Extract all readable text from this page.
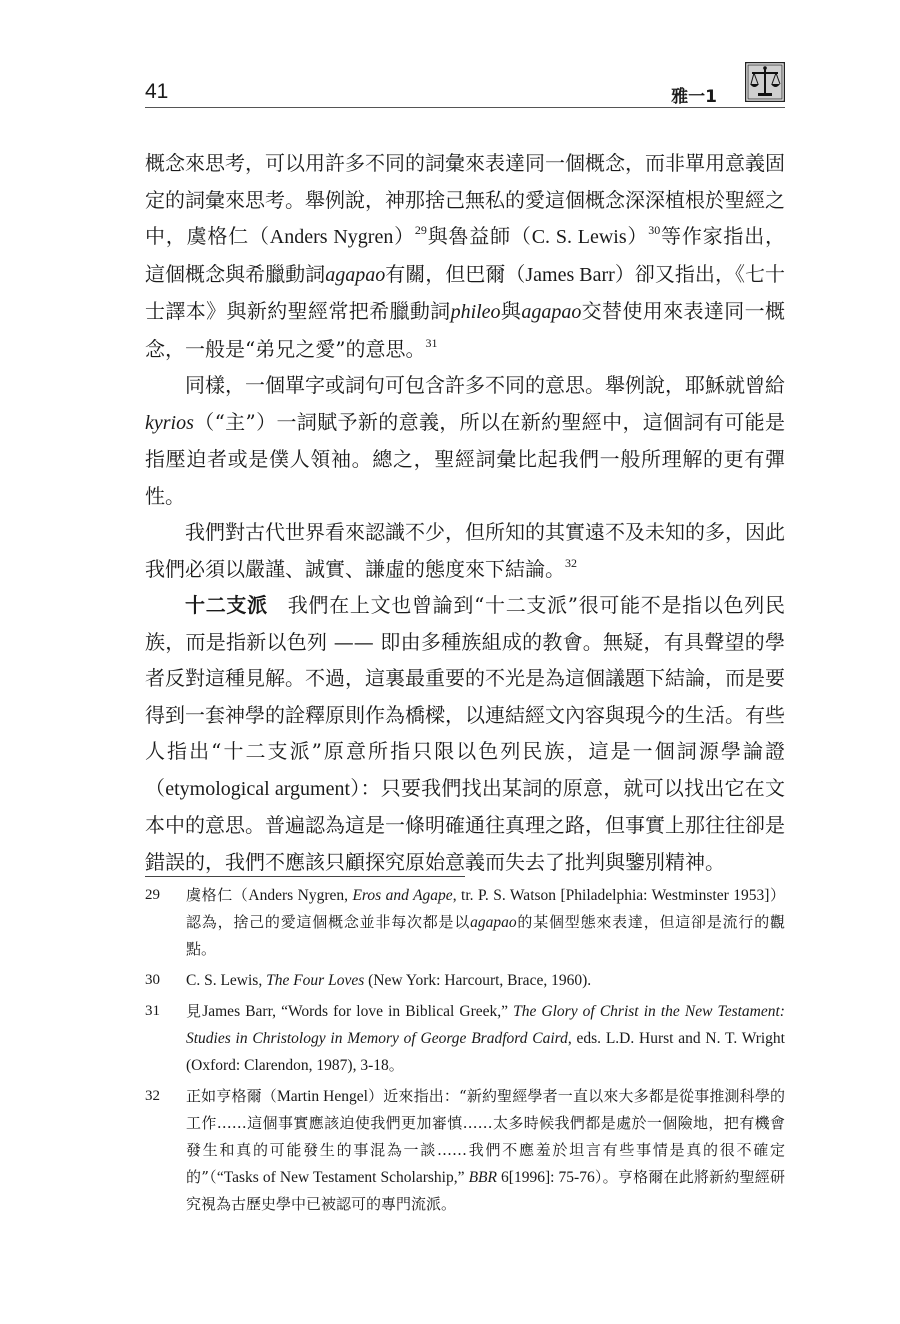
41	雅一1

概念來思考，可以用許多不同的詞彙來表達同一個概念，而非單用意義固定的詞彙來思考。舉例說，神那捨己無私的愛這個概念深深植根於聖經之中，虞格仁（Anders Nygren）$^{29}$與魯益師（C. S. Lewis）$^{30}$等作家指出，這個概念與希臘動詞agapao有關，但巴爾（James Barr）卻又指出，《七十士譯本》與新約聖經常把希臘動詞phileo與agapao交替使用來表達同一概念，一般是“弟兄之愛”的意思。$^{31}$

同樣，一個單字或詞句可包含許多不同的意思。舉例說，耶穌就曾給kyrios（“主”）一詞賦予新的意義，所以在新約聖經中，這個詞有可能是指壓迫者或是僕人領袖。總之，聖經詞彙比起我們一般所理解的更有彈性。

我們對古代世界看來認識不少，但所知的其實遠不及未知的多，因此我們必須以嚴謹、誠實、謙虛的態度來下結論。$^{32}$

十二支派 我們在上文也曾論到“十二支派”很可能不是指以色列民族，而是指新以色列 —— 即由多種族組成的教會。無疑，有具聲望的學者反對這種見解。不過，這裏最重要的不光是為這個議題下結論，而是要得到一套神學的詮釋原則作為橋樑，以連結經文內容與現今的生活。有些人指出“十二支派”原意所指只限以色列民族，這是一個詞源學論證（etymological argument）：只要我們找出某詞的原意，就可以找出它在文本中的意思。普遍認為這是一條明確通往真理之路，但事實上那往往卻是錯誤的，我們不應該只顧探究原始意義而失去了批判與鑒別精神。

29 虞格仁（Anders Nygren, Eros and Agape, tr. P. S. Watson [Philadelphia: Westminster 1953]）認為，捨己的愛這個概念並非每次都是以agapao的某個型態來表達，但這卻是流行的觀點。
30 C. S. Lewis, The Four Loves (New York: Harcourt, Brace, 1960).
31 見James Barr, “Words for love in Biblical Greek,” The Glory of Christ in the New Testament: Studies in Christology in Memory of George Bradford Caird, eds. L.D. Hurst and N. T. Wright (Oxford: Clarendon, 1987), 3-18。
32 正如亨格爾（Martin Hengel）近來指出：“新約聖經學者一直以來大多都是從事推測科學的工作……這個事實應該迫使我們更加審慎……太多時候我們都是處於一個險地，把有機會發生和真的可能發生的事混為一談……我們不應羞於坦言有些事情是真的很不確定的”（“Tasks of New Testament Scholarship,” BBR 6[1996]: 75-76）。亨格爾在此將新約聖經研究視為古歷史學中已被認可的專門流派。
